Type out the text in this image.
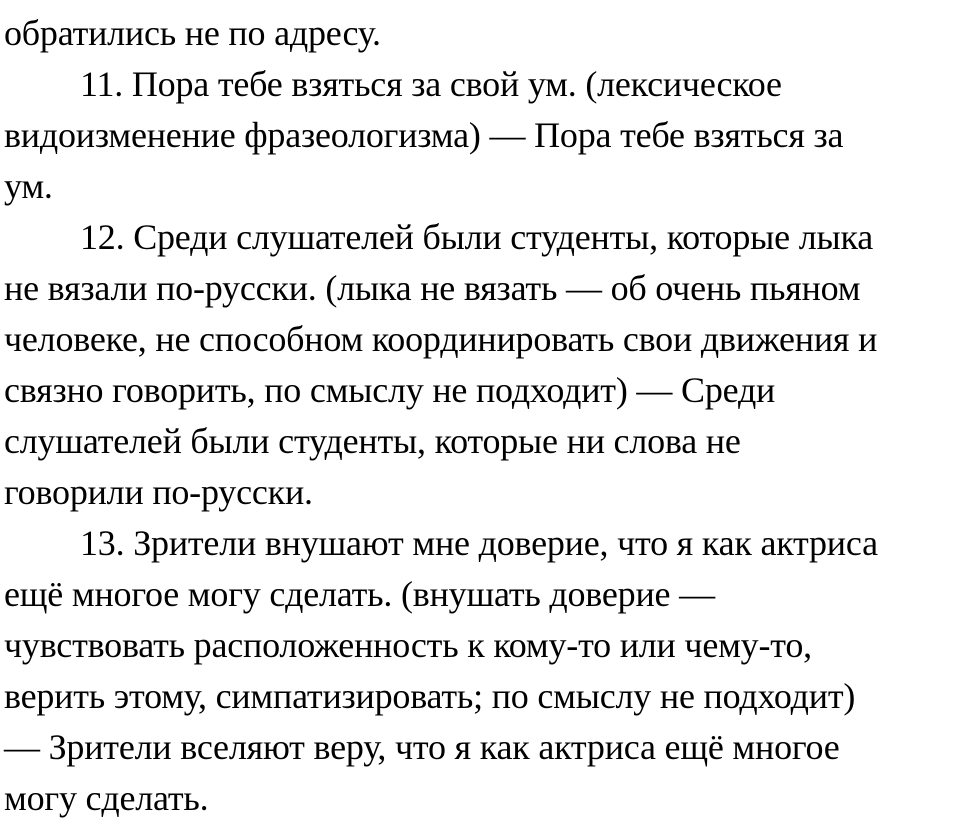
обратились не по адресу.
11. Пора тебе взяться за свой ум. (лексическое
видоизменение фразеологизма) — Пора тебе взяться за
ум.
12. Среди слушателей были студенты, которые лыка
не вязали по-русски. (лыка не вязать — об очень пьяном
человеке, не способном координировать свои движения и
связно говорить, по смыслу не подходит) — Среди
слушателей были студенты, которые ни слова не
говорили по-русски.
13. Зрители внушают мне доверие, что я как актриса
ещё многое могу сделать. (внушать доверие —
чувствовать расположенность к кому-то или чему-то,
верить этому, симпатизировать; по смыслу не подходит)
— Зрители вселяют веру, что я как актриса ещё многое
могу сделать.
